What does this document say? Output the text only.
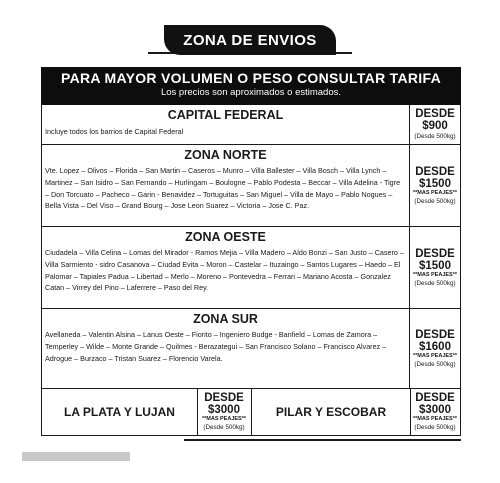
ZONA DE ENVIOS
PARA MAYOR VOLUMEN O PESO CONSULTAR TARIFA
Los precios son aproximados o estimados.
CAPITAL FEDERAL
Incluye todos los barrios de Capital Federal
DESDE
$900
(Desde 500kg)
ZONA NORTE
Vte. Lopez – Olivos – Florida – San Martin – Caseros – Munro – Villa Ballester – Villa Bosch – Villa Lynch – Martinez – San Isidro – San Fernando – Hurlingam – Boulogne – Pablo Podesta – Beccar – Villa Adelina - Tigre – Don Torcuato – Pacheco – Garin - Benavidez – Tortuguitas – San Miguel – Villa de Mayo – Pablo Nogues – Bella Vista – Del Viso – Grand Bourg – Jose Leon Suarez – Victoria – Jose C. Paz.
DESDE
$1500
**MAS PEAJES**
(Desde 500kg)
ZONA OESTE
Ciudadela – Villa Celina – Lomas del Mirador - Ramos Mejia – Villa Madero – Aldo Bonzi – San Justo – Casero – Villa Sarmiento - sidro Casanova – Ciudad Evita – Moron – Castelar – Ituzaingo – Santos Lugares – Haedo – El Palomar – Tapiales Padua – Libertad – Merlo – Moreno – Pontevedra – Ferrari – Mariano Acosta – Gonzalez Catan – Virrey del Pino – Laferrere – Paso del Rey.
DESDE
$1500
**MAS PEAJES**
(Desde 500kg)
ZONA SUR
Avellaneda – Valentin Alsina – Lanus Oeste – Fiorito – Ingeniero Budge - Banfield – Lomas de Zamora – Temperley – Wilde – Monte Grande – Quilmes - Berazategui – San Francisco Solano – Francisco Alvarez – Adrogue – Burzaco – Tristan Suarez – Florencio Varela.
DESDE
$1600
**MAS PEAJES**
(Desde 500kg)
LA PLATA Y LUJAN
DESDE
$3000
**MAS PEAJES**
(Desde 500kg)
PILAR Y ESCOBAR
DESDE
$3000
**MAS PEAJES**
(Desde 500kg)
